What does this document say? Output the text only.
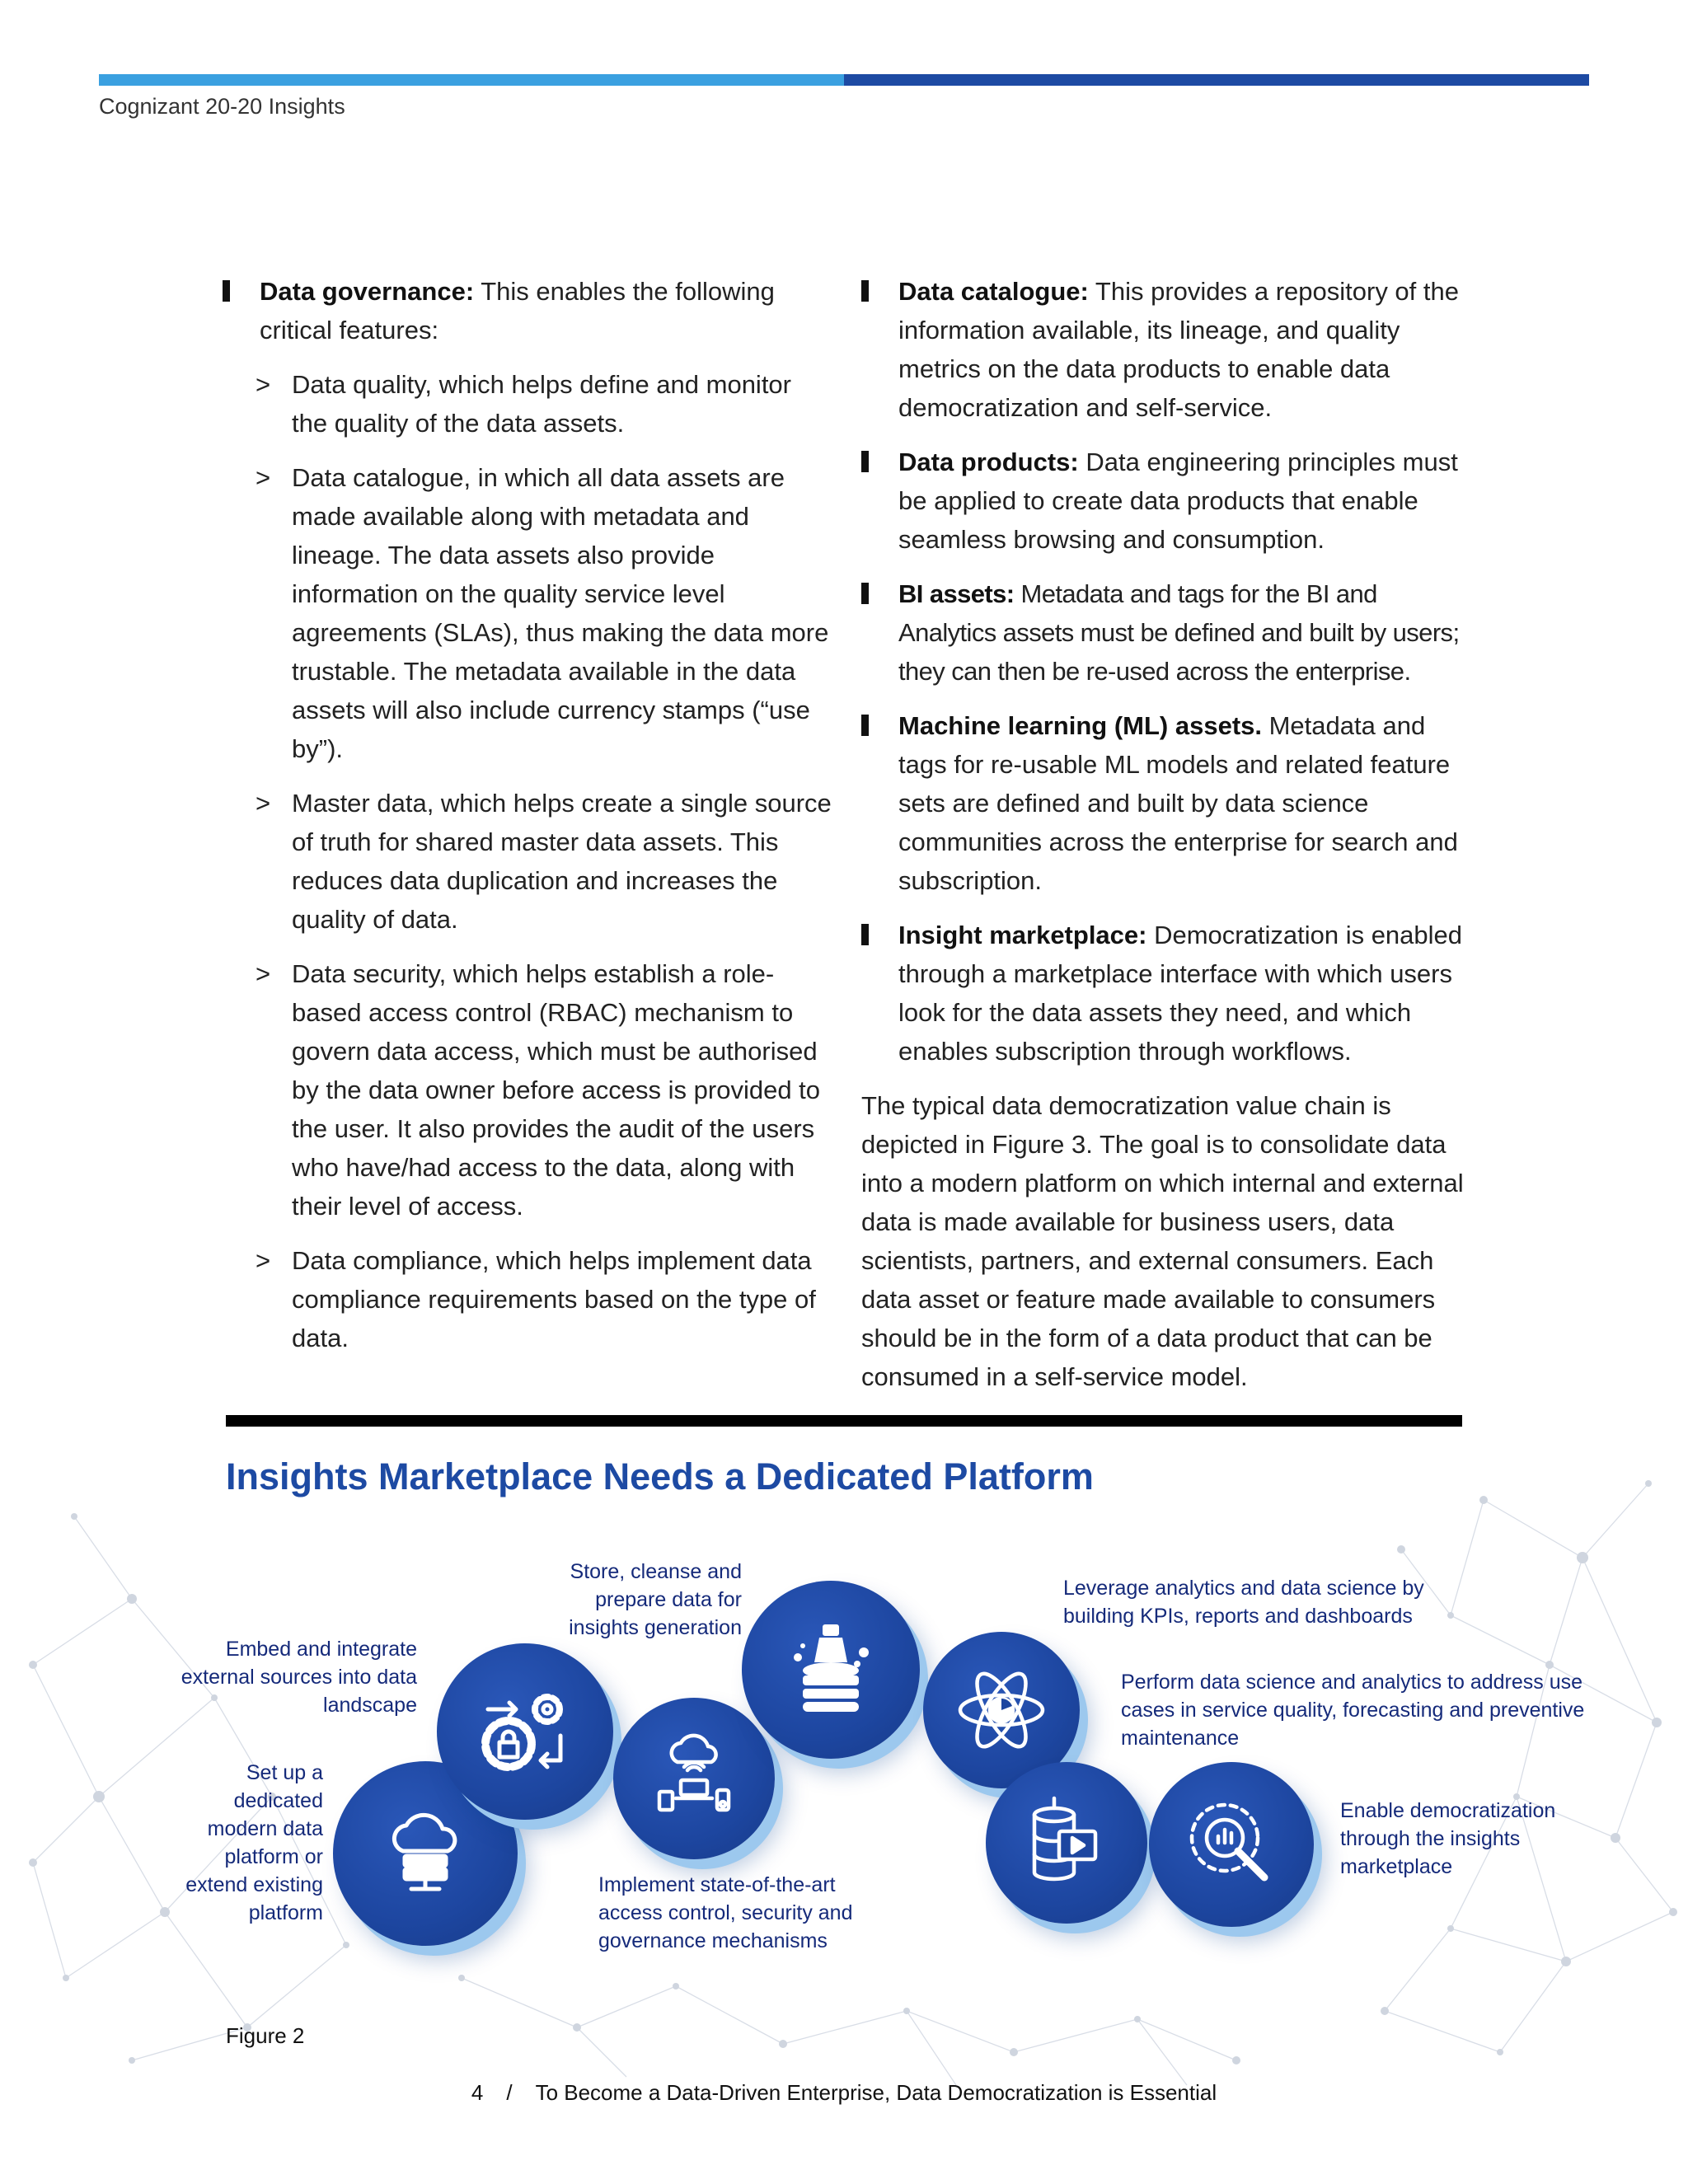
Cognizant 20-20 Insights
Data governance: This enables the following critical features:
> Data quality, which helps define and monitor the quality of the data assets.
> Data catalogue, in which all data assets are made available along with metadata and lineage. The data assets also provide information on the quality service level agreements (SLAs), thus making the data more trustable. The metadata available in the data assets will also include currency stamps (“use by”).
> Master data, which helps create a single source of truth for shared master data assets. This reduces data duplication and increases the quality of data.
> Data security, which helps establish a role-based access control (RBAC) mechanism to govern data access, which must be authorised by the data owner before access is provided to the user. It also provides the audit of the users who have/had access to the data, along with their level of access.
> Data compliance, which helps implement data compliance requirements based on the type of data.
Data catalogue: This provides a repository of the information available, its lineage, and quality metrics on the data products to enable data democratization and self-service.
Data products: Data engineering principles must be applied to create data products that enable seamless browsing and consumption.
BI assets: Metadata and tags for the BI and Analytics assets must be defined and built by users; they can then be re-used across the enterprise.
Machine learning (ML) assets. Metadata and tags for re-usable ML models and related feature sets are defined and built by data science communities across the enterprise for search and subscription.
Insight marketplace: Democratization is enabled through a marketplace interface with which users look for the data assets they need, and which enables subscription through workflows.

The typical data democratization value chain is depicted in Figure 3. The goal is to consolidate data into a modern platform on which internal and external data is made available for business users, data scientists, partners, and external consumers. Each data asset or feature made available to consumers should be in the form of a data product that can be consumed in a self-service model.

Insights Marketplace Needs a Dedicated Platform
Set up a dedicated modern data platform or extend existing platform
Embed and integrate external sources into data landscape
Implement state-of-the-art access control, security and governance mechanisms
Store, cleanse and prepare data for insights generation
Leverage analytics and data science by building KPIs, reports and dashboards
Perform data science and analytics to address use cases in service quality, forecasting and preventive maintenance
Enable democratization through the insights marketplace
Figure 2
4 / To Become a Data-Driven Enterprise, Data Democratization is Essential
